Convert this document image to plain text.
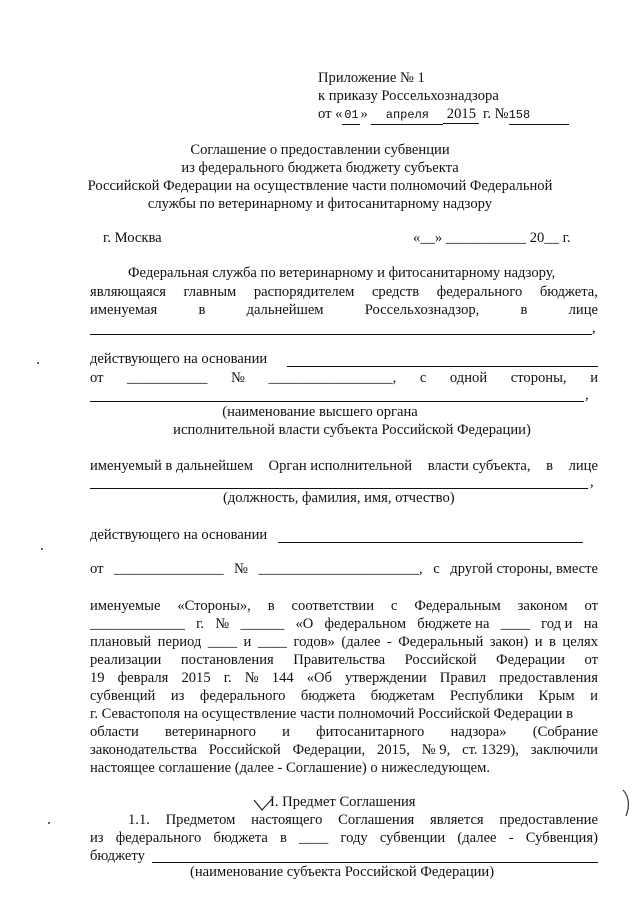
Приложение № 1
к приказу Россельхознадзора
от « 01 » апреля 2015 г. №158
Соглашение о предоставлении субвенции
из федерального бюджета бюджету субъекта
Российской Федерации на осуществление части полномочий Федеральной
службы по ветеринарному и фитосанитарному надзору
г. Москва	«__» ___________ 20__ г.
Федеральная служба по ветеринарному и фитосанитарному надзору,
являющаяся главным распорядителем средств федерального бюджета,
именуемая	в	дальнейшем	Россельхознадзор,	в	лице
,
действующего на основании
от ___________ № _________________, с одной стороны, и
,
(наименование высшего органа
исполнительной власти субъекта Российской Федерации)
именуемый в дальнейшем Орган исполнительной власти субъекта, в лице
,
(должность, фамилия, имя, отчество)
действующего на основании
от _______________ № ______________________, с другой стороны, вместе
именуемые «Стороны», в соответствии с Федеральным законом от
_____________ г. № ______ «О федеральном бюджете на ____ год и на
плановый период ____ и ____ годов» (далее - Федеральный закон) и в целях
реализации постановления Правительства Российской Федерации от
19 февраля 2015 г. № 144 «Об утверждении Правил предоставления
субвенций из федерального бюджета бюджетам Республики Крым и
г. Севастополя на осуществление части полномочий Российской Федерации в
области ветеринарного и фитосанитарного надзора» (Собрание
законодательства Российской Федерации, 2015, № 9, ст. 1329), заключили
настоящее соглашение (далее - Соглашение) о нижеследующем.
I. Предмет Соглашения
1.1. Предметом настоящего Соглашения является предоставление
из федерального бюджета в ____ году субвенции (далее - Субвенция)
бюджету
(наименование субъекта Российской Федерации)
